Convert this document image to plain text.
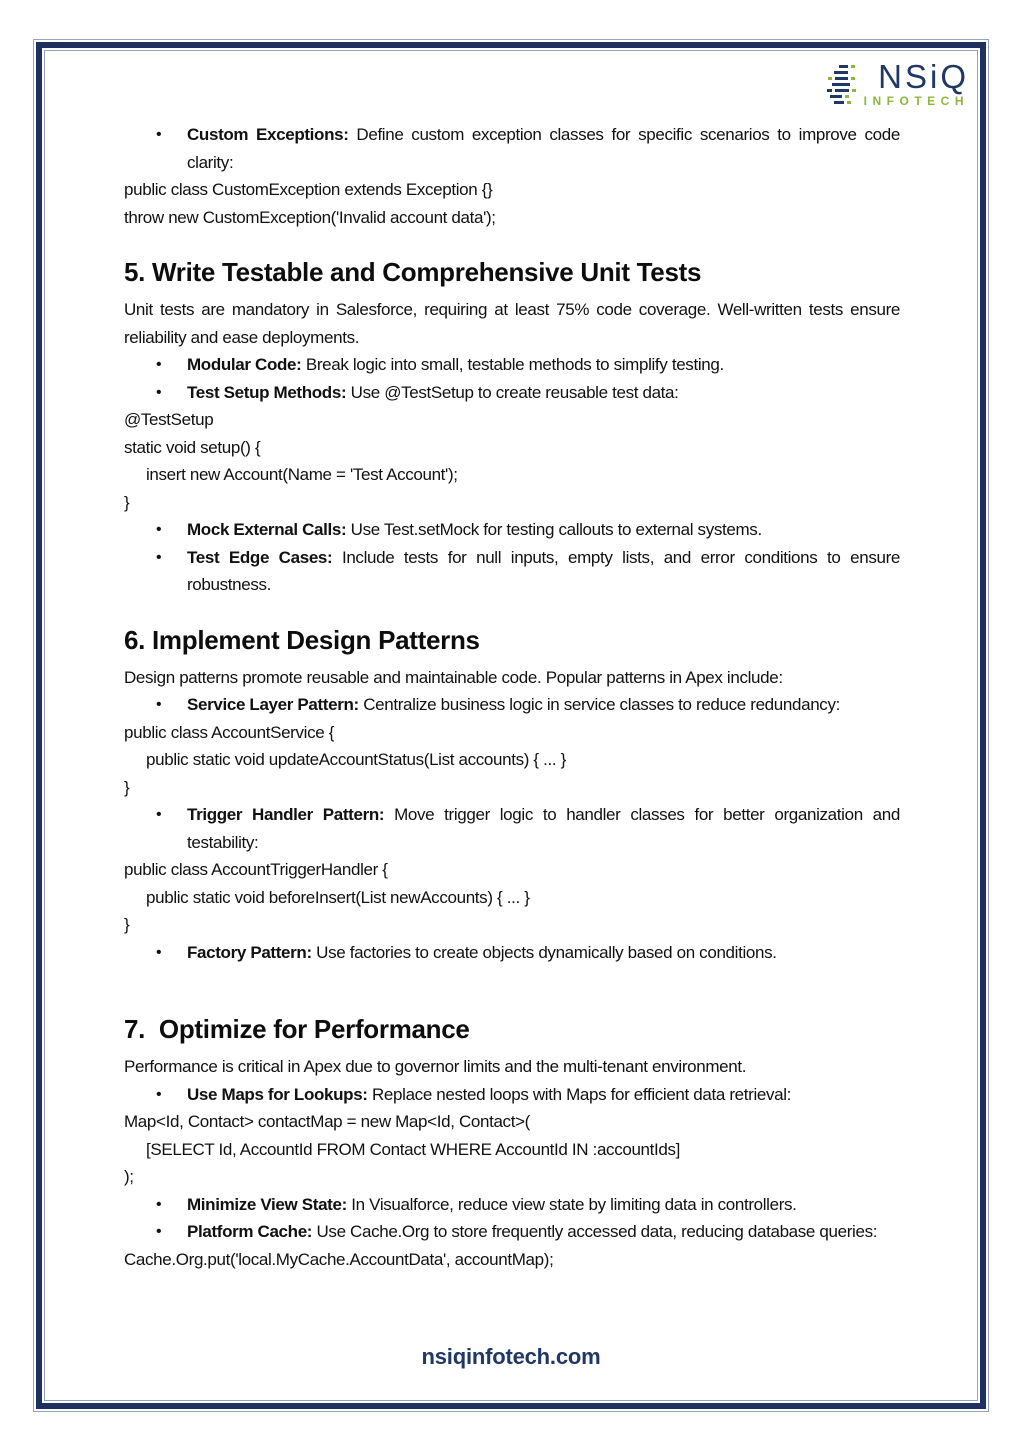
NSiQ
INFOTECH
•	Custom Exceptions: Define custom exception classes for specific scenarios to improve code clarity:
public class CustomException extends Exception {}
throw new CustomException('Invalid account data');
5. Write Testable and Comprehensive Unit Tests
Unit tests are mandatory in Salesforce, requiring at least 75% code coverage. Well-written tests ensure reliability and ease deployments.
•	Modular Code: Break logic into small, testable methods to simplify testing.
•	Test Setup Methods: Use @TestSetup to create reusable test data:
@TestSetup
static void setup() {
insert new Account(Name = 'Test Account');
}
•	Mock External Calls: Use Test.setMock for testing callouts to external systems.
•	Test Edge Cases: Include tests for null inputs, empty lists, and error conditions to ensure robustness.
6. Implement Design Patterns
Design patterns promote reusable and maintainable code. Popular patterns in Apex include:
•	Service Layer Pattern: Centralize business logic in service classes to reduce redundancy:
public class AccountService {
public static void updateAccountStatus(List accounts) { ... }
}
•	Trigger Handler Pattern: Move trigger logic to handler classes for better organization and testability:
public class AccountTriggerHandler {
public static void beforeInsert(List newAccounts) { ... }
}
•	Factory Pattern: Use factories to create objects dynamically based on conditions.
7.  Optimize for Performance
Performance is critical in Apex due to governor limits and the multi-tenant environment.
•	Use Maps for Lookups: Replace nested loops with Maps for efficient data retrieval:
Map<Id, Contact> contactMap = new Map<Id, Contact>(
[SELECT Id, AccountId FROM Contact WHERE AccountId IN :accountIds]
);
•	Minimize View State: In Visualforce, reduce view state by limiting data in controllers.
•	Platform Cache: Use Cache.Org to store frequently accessed data, reducing database queries:
Cache.Org.put('local.MyCache.AccountData', accountMap);
nsiqinfotech.com
